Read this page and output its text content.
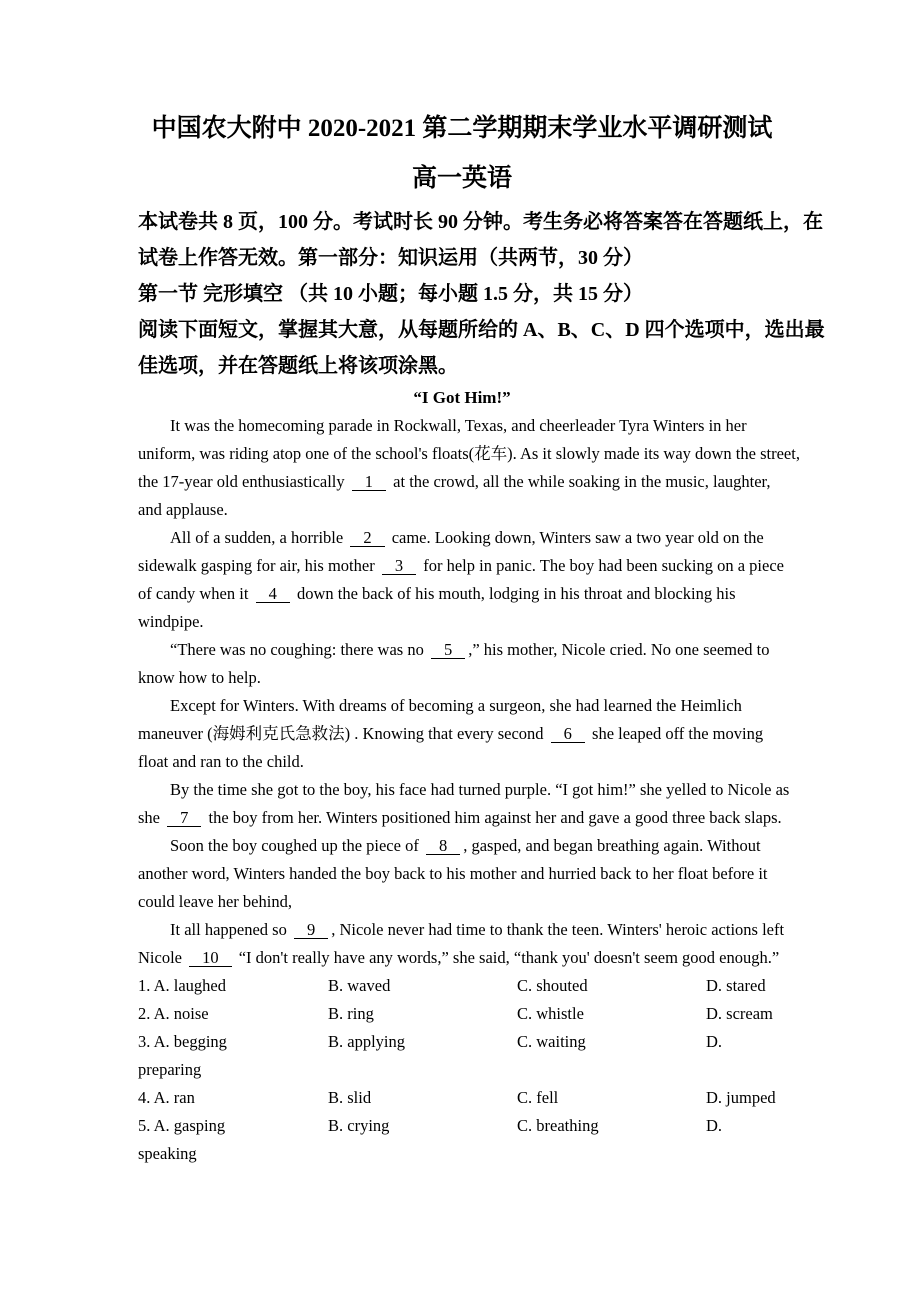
中国农大附中 2020-2021 第二学期期末学业水平调研测试
高一英语
本试卷共 8 页，100 分。考试时长 90 分钟。考生务必将答案答在答题纸上，在
试卷上作答无效。第一部分：知识运用（共两节，30 分）
第一节 完形填空 （共 10 小题；每小题 1.5 分，共 15 分）
阅读下面短文，掌握其大意，从每题所给的 A、B、C、D 四个选项中，选出最
佳选项，并在答题纸上将该项涂黑。
“I Got Him!”
It was the homecoming parade in Rockwall, Texas, and cheerleader Tyra Winters in her
uniform, was riding atop one of the school's floats(花车). As it slowly made its way down the street,
the 17-year old enthusiastically 1 at the crowd, all the while soaking in the music, laughter,
and applause.
All of a sudden, a horrible 2 came. Looking down, Winters saw a two year old on the
sidewalk gasping for air, his mother 3 for help in panic. The boy had been sucking on a piece
of candy when it 4 down the back of his mouth, lodging in his throat and blocking his
windpipe.
“There was no coughing: there was no 5 ,” his mother, Nicole cried. No one seemed to
know how to help.
Except for Winters. With dreams of becoming a surgeon, she had learned the Heimlich
maneuver (海姆利克氏急救法) . Knowing that every second 6 she leaped off the moving
float and ran to the child.
By the time she got to the boy, his face had turned purple. “I got him!” she yelled to Nicole as
she 7 the boy from her. Winters positioned him against her and gave a good three back slaps.
Soon the boy coughed up the piece of 8 , gasped, and began breathing again. Without
another word, Winters handed the boy back to his mother and hurried back to her float before it
could leave her behind,
It all happened so 9 , Nicole never had time to thank the teen. Winters' heroic actions left
Nicole 10 “I don't really have any words,” she said, “thank you' doesn't seem good enough.”
1. A. laughed	B. waved	C. shouted	D. stared
2. A. noise	B. ring	C. whistle	D. scream
3. A. begging	B. applying	C. waiting	D.
preparing
4. A. ran	B. slid	C. fell	D. jumped
5. A. gasping	B. crying	C. breathing	D.
speaking
